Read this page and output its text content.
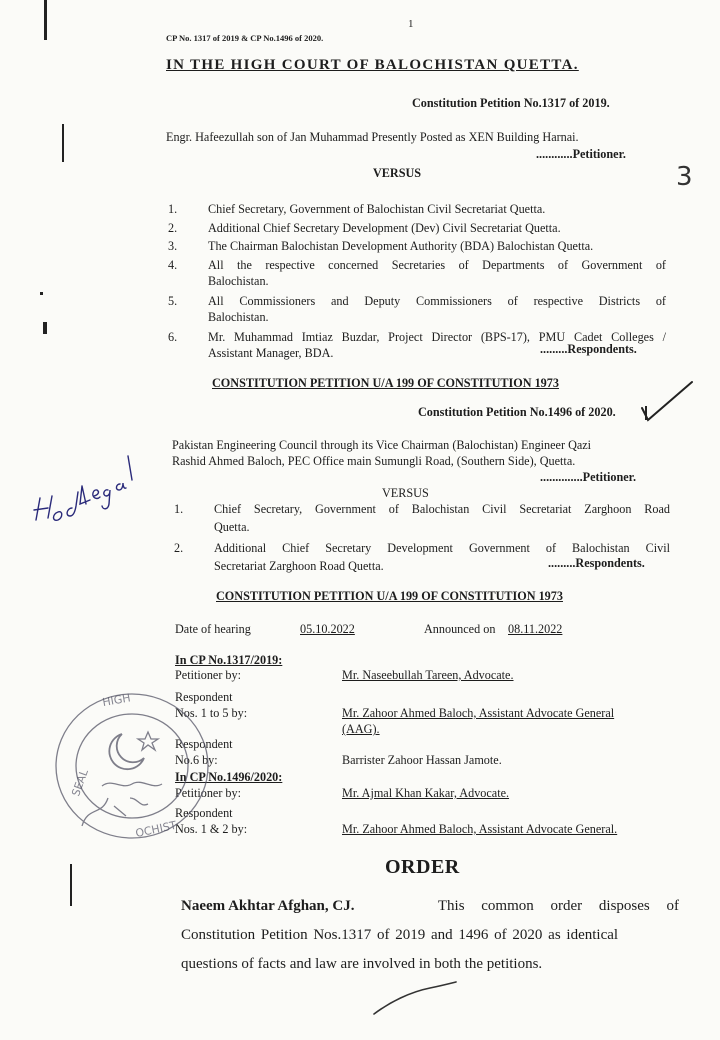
1
CP No. 1317 of 2019 & CP No.1496 of 2020.
IN THE HIGH COURT OF BALOCHISTAN QUETTA.
3
Constitution Petition No.1317 of 2019.
Engr. Hafeezullah son of Jan Muhammad Presently Posted as XEN Building Harnai.
............Petitioner.
VERSUS
1.	Chief Secretary, Government of Balochistan Civil Secretariat Quetta.
2.	Additional Chief Secretary Development (Dev) Civil Secretariat Quetta.
3.	The Chairman Balochistan Development Authority (BDA) Balochistan Quetta.
4.	All the respective concerned Secretaries of Departments of Government of
Balochistan.
5.	All Commissioners and Deputy Commissioners of respective Districts of
Balochistan.
6.	Mr. Muhammad Imtiaz Buzdar, Project Director (BPS-17), PMU Cadet Colleges /
Assistant Manager, BDA.	.........Respondents.
CONSTITUTION PETITION U/A 199 OF CONSTITUTION 1973
Constitution Petition No.1496 of 2020.
Pakistan Engineering Council through its Vice Chairman (Balochistan) Engineer Qazi
Rashid Ahmed Baloch, PEC Office main Sumungli Road, (Southern Side), Quetta.
..............Petitioner.
VERSUS
1.	Chief Secretary, Government of Balochistan Civil Secretariat Zarghoon Road
Quetta.
2.	Additional Chief Secretary Development Government of Balochistan Civil
Secretariat Zarghoon Road Quetta.	.........Respondents.
CONSTITUTION PETITION U/A 199 OF CONSTITUTION 1973
Date of hearing	05.10.2022	Announced on 08.11.2022
In CP No.1317/2019:
Petitioner by:	Mr. Naseebullah Tareen, Advocate.
Respondent
Nos. 1 to 5 by:	Mr. Zahoor Ahmed Baloch, Assistant Advocate General
(AAG).
Respondent
No.6 by:	Barrister Zahoor Hassan Jamote.
In CP No.1496/2020:
Petitioner by:	Mr. Ajmal Khan Kakar, Advocate.
Respondent
Nos. 1 & 2 by:	Mr. Zahoor Ahmed Baloch, Assistant Advocate General.
ORDER
Naeem Akhtar Afghan, CJ.	This common order disposes of
Constitution Petition Nos.1317 of 2019 and 1496 of 2020 as identical
questions of facts and law are involved in both the petitions.
HIGH
SEAL
OCHIST
